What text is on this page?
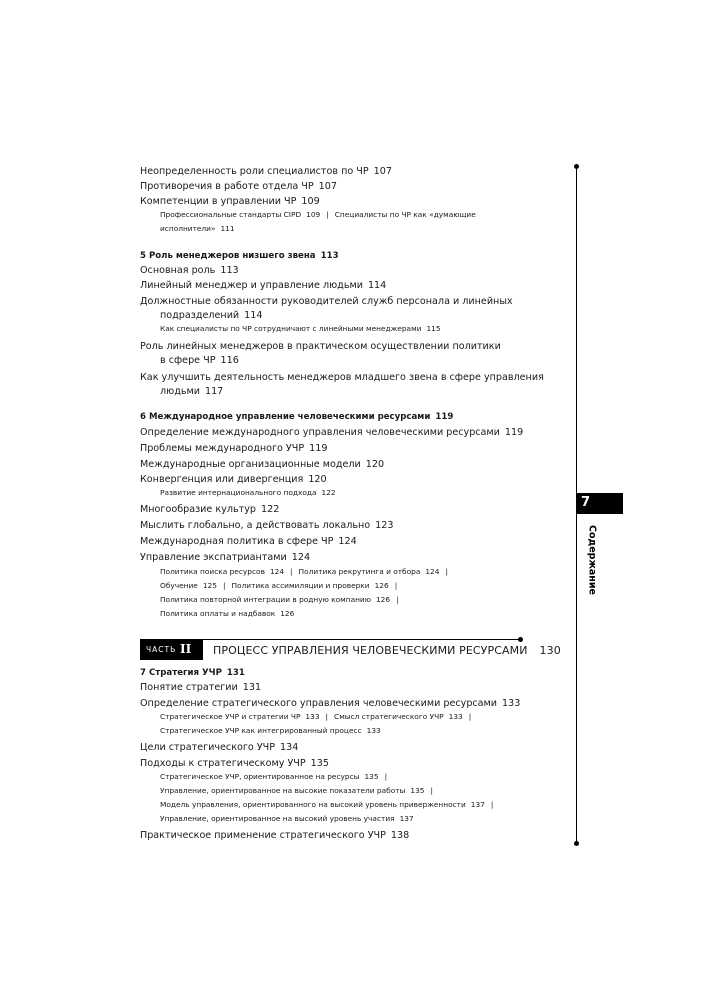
Неопределенность роли специалистов по ЧР 107
Противоречия в работе отдела ЧР 107
Компетенции в управлении ЧР 109
Профессиональные стандарты CIPD 109 | Специалисты по ЧР как «думающие
исполнители» 111
5 Роль менеджеров низшего звена 113
Основная роль 113
Линейный менеджер и управление людьми 114
Должностные обязанности руководителей служб персонала и линейных
подразделений 114
Как специалисты по ЧР сотрудничают с линейными менеджерами 115
Роль линейных менеджеров в практическом осуществлении политики
в сфере ЧР 116
Как улучшить деятельность менеджеров младшего звена в сфере управления
людьми 117
6 Международное управление человеческими ресурсами 119
Определение международного управления человеческими ресурсами 119
Проблемы международного УЧР 119
Международные организационные модели 120
Конвергенция или дивергенция 120
Развитие интернационального подхода 122
Многообразие культур 122
Мыслить глобально, а действовать локально 123
Международная политика в сфере ЧР 124
Управление экспатриантами 124
Политика поиска ресурсов 124 | Политика рекрутинга и отбора 124 |
Обучение 125 | Политика ассимиляции и проверки 126 |
Политика повторной интеграции в родную компанию 126 |
Политика оплаты и надбавок 126
7 Стратегия УЧР 131
Понятие стратегии 131
Определение стратегического управления человеческими ресурсами 133
Стратегическое УЧР и стратегии ЧР 133 | Смысл стратегического УЧР 133 |
Стратегическое УЧР как интегрированный процесс 133
Цели стратегического УЧР 134
Подходы к стратегическому УЧР 135
Стратегическое УЧР, ориентированное на ресурсы 135 |
Управление, ориентированное на высокие показатели работы 135 |
Модель управления, ориентированного на высокий уровень приверженности 137 |
Управление, ориентированное на высокий уровень участия 137
Практическое применение стратегического УЧР 138
7
Содержание
ЧАСТЬ II ПРОЦЕСС УПРАВЛЕНИЯ ЧЕЛОВЕЧЕСКИМИ РЕСУРСАМИ 130
